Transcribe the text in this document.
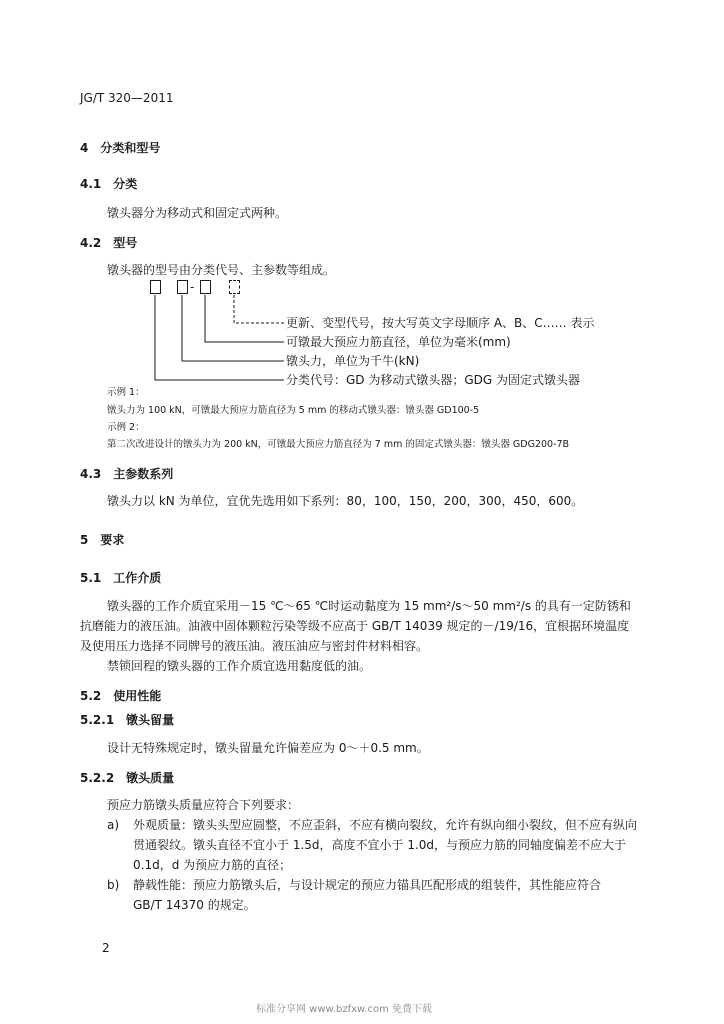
JG/T 320—2011
4　分类和型号
4.1　分类
镦头器分为移动式和固定式两种。
4.2　型号
镦头器的型号由分类代号、主参数等组成。
-
更新、变型代号，按大写英文字母顺序 A、B、C…… 表示
可镦最大预应力筋直径，单位为毫米(mm)
镦头力，单位为千牛(kN)
分类代号：GD 为移动式镦头器；GDG 为固定式镦头器
示例 1：
镦头力为 100 kN，可镦最大预应力筋直径为 5 mm 的移动式镦头器：镦头器 GD100-5
示例 2：
第二次改进设计的镦头力为 200 kN，可镦最大预应力筋直径为 7 mm 的固定式镦头器：镦头器 GDG200-7B
4.3　主参数系列
镦头力以 kN 为单位，宜优先选用如下系列：80，100，150，200，300，450，600。
5　要求
5.1　工作介质
镦头器的工作介质宜采用－15 ℃～65 ℃时运动黏度为 15 mm²/s～50 mm²/s 的具有一定防锈和
抗磨能力的液压油。油液中固体颗粒污染等级不应高于 GB/T 14039 规定的－/19/16，宜根据环境温度
及使用压力选择不同牌号的液压油。液压油应与密封件材料相容。
禁锁回程的镦头器的工作介质宜选用黏度低的油。
5.2　使用性能
5.2.1　镦头留量
设计无特殊规定时，镦头留量允许偏差应为 0～＋0.5 mm。
5.2.2　镦头质量
预应力筋镦头质量应符合下列要求：
a) 外观质量：镦头头型应圆整，不应歪斜，不应有横向裂纹，允许有纵向细小裂纹，但不应有纵向
贯通裂纹。镦头直径不宜小于 1.5d，高度不宜小于 1.0d，与预应力筋的同轴度偏差不应大于
0.1d，d 为预应力筋的直径；
b) 静载性能：预应力筋镦头后，与设计规定的预应力锚具匹配形成的组装件，其性能应符合
GB/T 14370 的规定。
2
标准分享网 www.bzfxw.com 免费下载
